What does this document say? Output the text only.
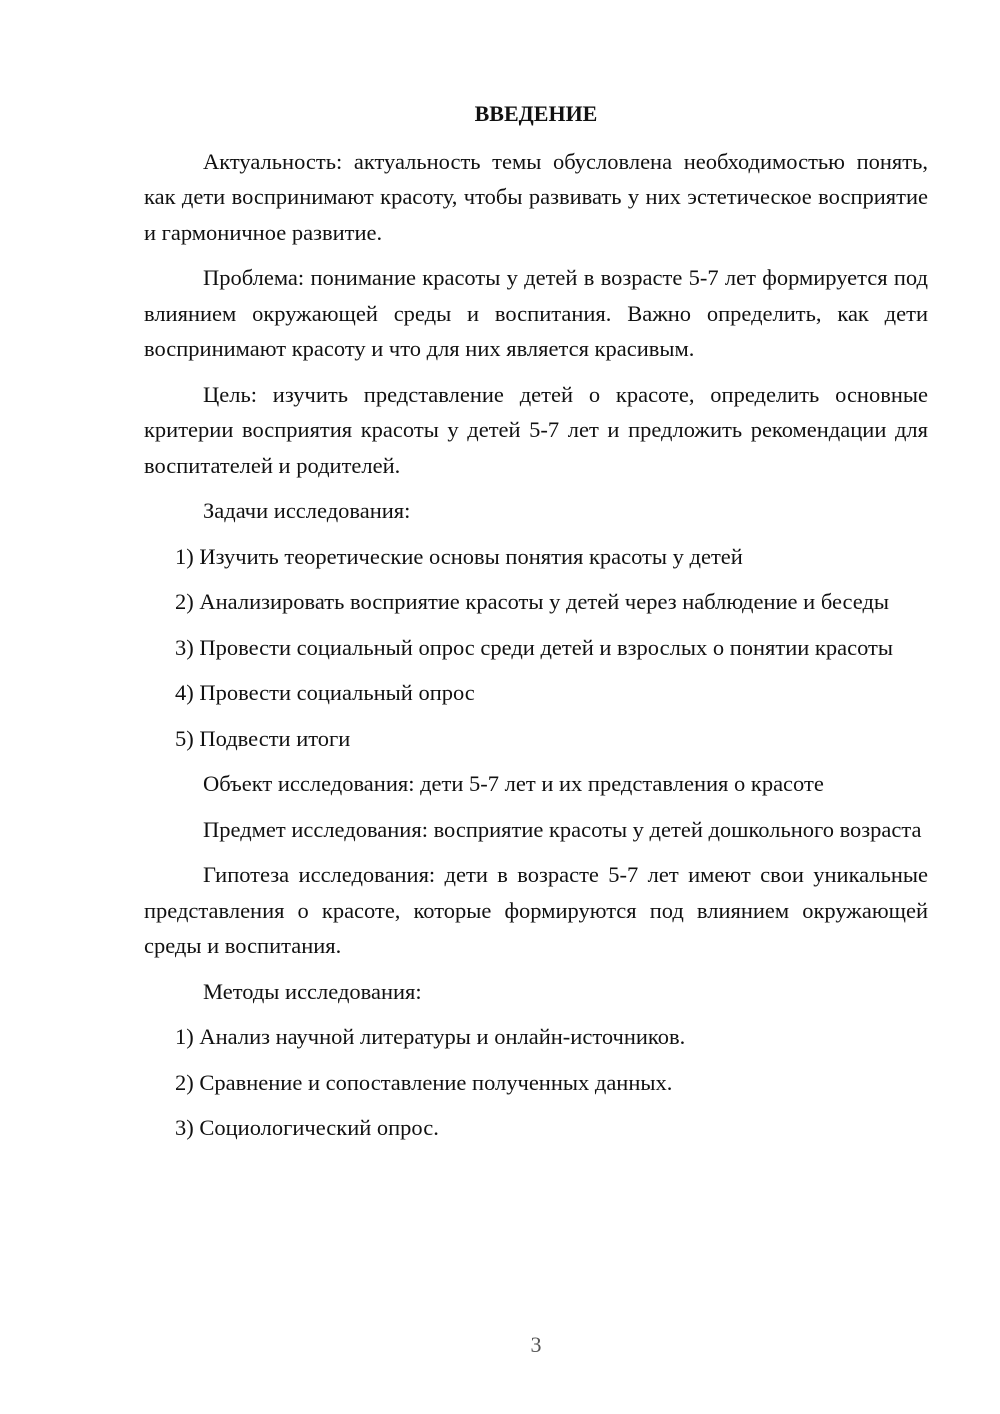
ВВЕДЕНИЕ

Актуальность: актуальность темы обусловлена необходимостью понять, как дети воспринимают красоту, чтобы развивать у них эстетическое восприятие и гармоничное развитие.

Проблема: понимание красоты у детей в возрасте 5-7 лет формируется под влиянием окружающей среды и воспитания. Важно определить, как дети воспринимают красоту и что для них является красивым.

Цель: изучить представление детей о красоте, определить основные критерии восприятия красоты у детей 5-7 лет и предложить рекомендации для воспитателей и родителей.

Задачи исследования:

1) Изучить теоретические основы понятия красоты у детей

2) Анализировать восприятие красоты у детей через наблюдение и беседы

3) Провести социальный опрос среди детей и взрослых о понятии красоты

4) Провести социальный опрос

5) Подвести итоги

Объект исследования: дети 5-7 лет и их представления о красоте

Предмет исследования: восприятие красоты у детей дошкольного возраста

Гипотеза исследования: дети в возрасте 5-7 лет имеют свои уникальные представления о красоте, которые формируются под влиянием окружающей среды и воспитания.

Методы исследования:

1) Анализ научной литературы и онлайн-источников.

2) Сравнение и сопоставление полученных данных.

3) Социологический опрос.

3
